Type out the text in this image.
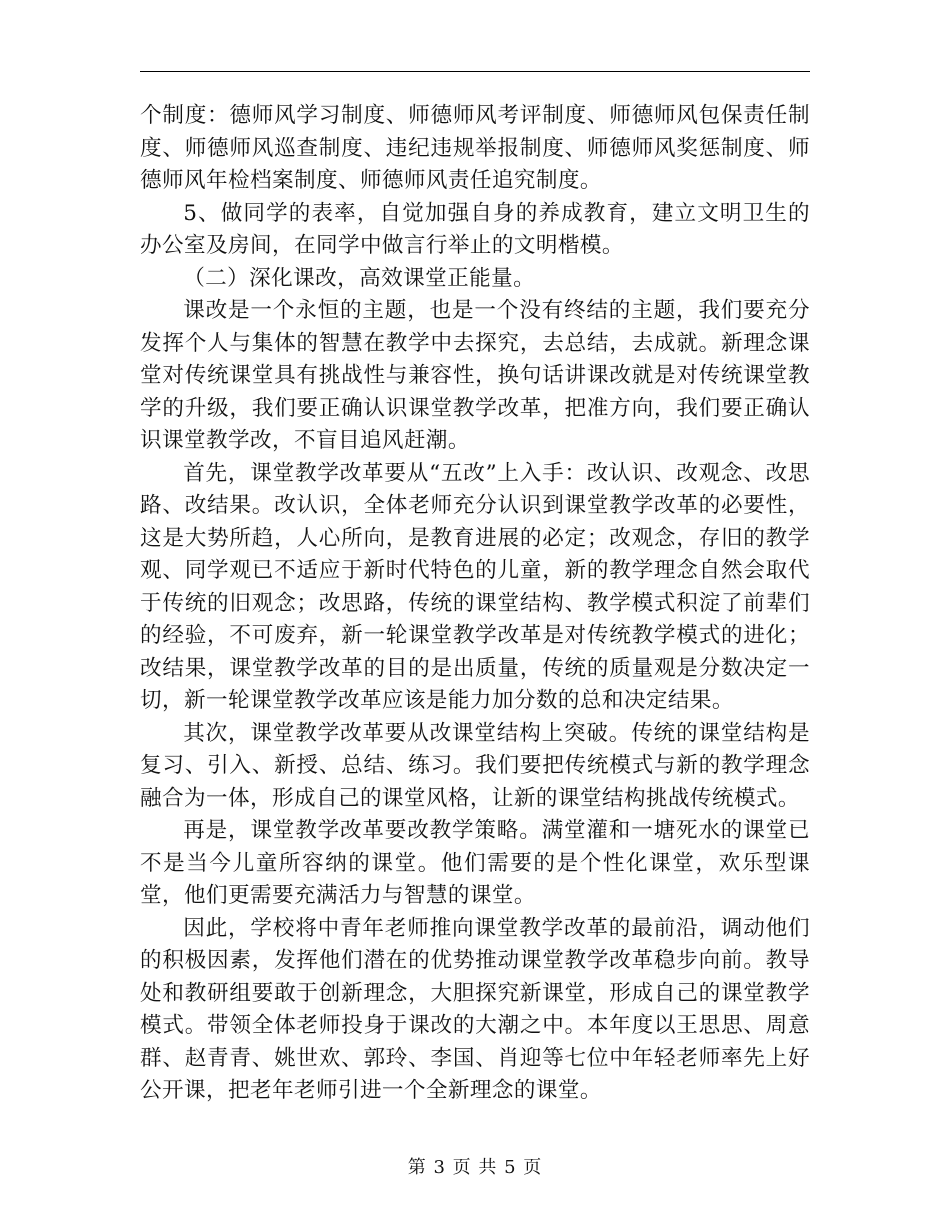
个制度：德师风学习制度、师德师风考评制度、师德师风包保责任制度、师德师风巡查制度、违纪违规举报制度、师德师风奖惩制度、师德师风年检档案制度、师德师风责任追究制度。

5、做同学的表率，自觉加强自身的养成教育，建立文明卫生的办公室及房间，在同学中做言行举止的文明楷模。

（二）深化课改，高效课堂正能量。

课改是一个永恒的主题，也是一个没有终结的主题，我们要充分发挥个人与集体的智慧在教学中去探究，去总结，去成就。新理念课堂对传统课堂具有挑战性与兼容性，换句话讲课改就是对传统课堂教学的升级，我们要正确认识课堂教学改革，把准方向，我们要正确认识课堂教学改，不盲目追风赶潮。

首先，课堂教学改革要从“五改”上入手：改认识、改观念、改思路、改结果。改认识，全体老师充分认识到课堂教学改革的必要性，这是大势所趋，人心所向，是教育进展的必定；改观念，存旧的教学观、同学观已不适应于新时代特色的儿童，新的教学理念自然会取代于传统的旧观念；改思路，传统的课堂结构、教学模式积淀了前辈们的经验，不可废弃，新一轮课堂教学改革是对传统教学模式的进化；改结果，课堂教学改革的目的是出质量，传统的质量观是分数决定一切，新一轮课堂教学改革应该是能力加分数的总和决定结果。

其次，课堂教学改革要从改课堂结构上突破。传统的课堂结构是复习、引入、新授、总结、练习。我们要把传统模式与新的教学理念融合为一体，形成自己的课堂风格，让新的课堂结构挑战传统模式。

再是，课堂教学改革要改教学策略。满堂灌和一塘死水的课堂已不是当今儿童所容纳的课堂。他们需要的是个性化课堂，欢乐型课堂，他们更需要充满活力与智慧的课堂。

因此，学校将中青年老师推向课堂教学改革的最前沿，调动他们的积极因素，发挥他们潜在的优势推动课堂教学改革稳步向前。教导处和教研组要敢于创新理念，大胆探究新课堂，形成自己的课堂教学模式。带领全体老师投身于课改的大潮之中。本年度以王思思、周意群、赵青青、姚世欢、郭玲、李国、肖迎等七位中年轻老师率先上好公开课，把老年老师引进一个全新理念的课堂。

第 3 页 共 5 页
